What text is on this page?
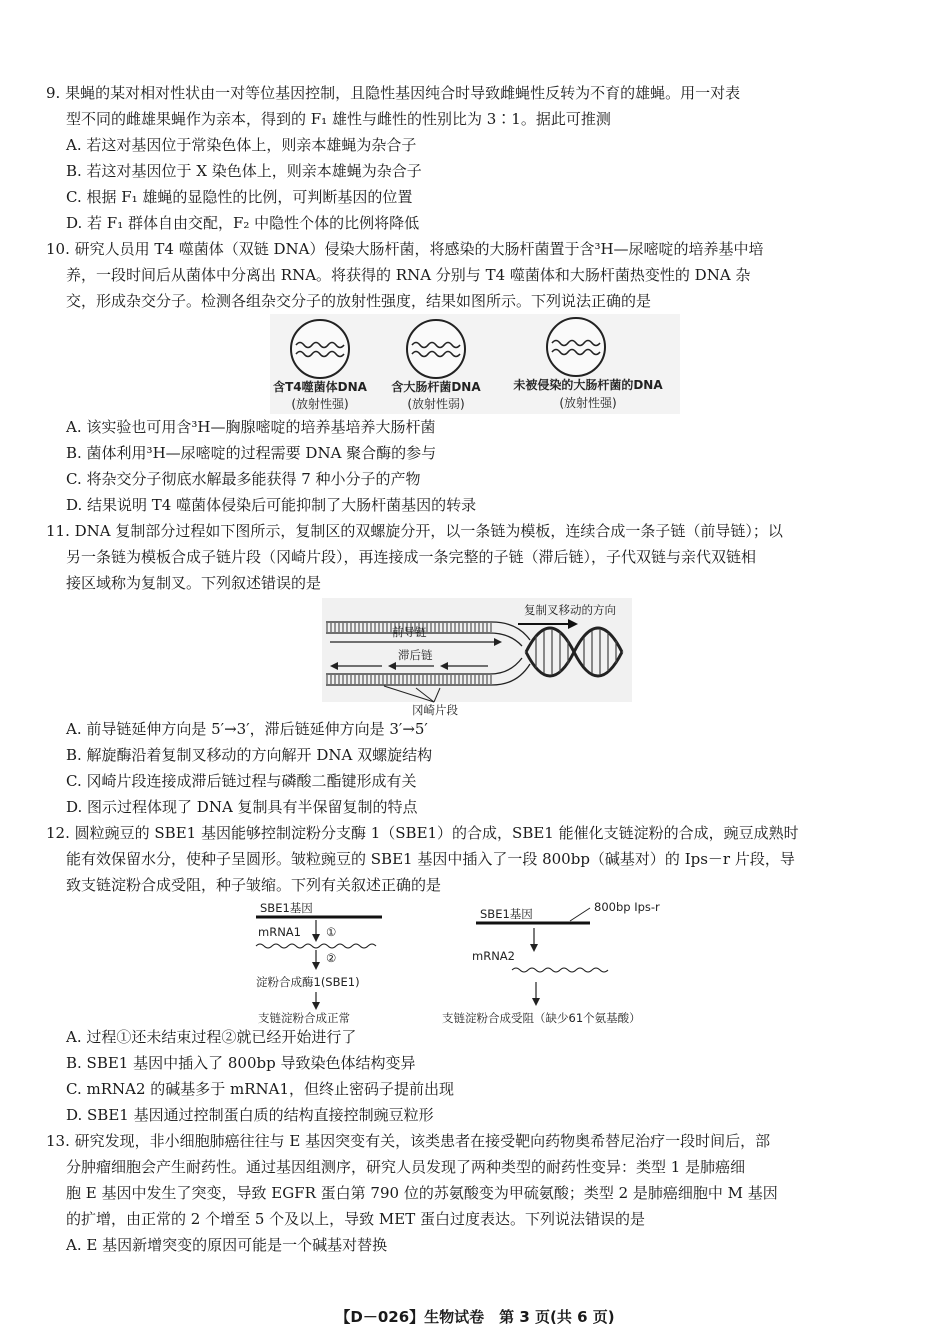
9. 果蝇的某对相对性状由一对等位基因控制，且隐性基因纯合时导致雌蝇性反转为不育的雄蝇。用一对表

型不同的雌雄果蝇作为亲本，得到的 F₁ 雄性与雌性的性别比为 3∶1。据此可推测

A. 若这对基因位于常染色体上，则亲本雄蝇为杂合子

B. 若这对基因位于 X 染色体上，则亲本雄蝇为杂合子

C. 根据 F₁ 雄蝇的显隐性的比例，可判断基因的位置

D. 若 F₁ 群体自由交配，F₂ 中隐性个体的比例将降低

10. 研究人员用 T4 噬菌体（双链 DNA）侵染大肠杆菌，将感染的大肠杆菌置于含³H—尿嘧啶的培养基中培

养，一段时间后从菌体中分离出 RNA。将获得的 RNA 分别与 T4 噬菌体和大肠杆菌热变性的 DNA 杂

交，形成杂交分子。检测各组杂交分子的放射性强度，结果如图所示。下列说法正确的是

含T4噬菌体DNA
(放射性强)
含大肠杆菌DNA
(放射性弱)
未被侵染的大肠杆菌的DNA
(放射性强)

A. 该实验也可用含³H—胸腺嘧啶的培养基培养大肠杆菌

B. 菌体利用³H—尿嘧啶的过程需要 DNA 聚合酶的参与

C. 将杂交分子彻底水解最多能获得 7 种小分子的产物

D. 结果说明 T4 噬菌体侵染后可能抑制了大肠杆菌基因的转录

11. DNA 复制部分过程如下图所示，复制区的双螺旋分开，以一条链为模板，连续合成一条子链（前导链）；以

另一条链为模板合成子链片段（冈崎片段），再连接成一条完整的子链（滞后链），子代双链与亲代双链相

接区域称为复制叉。下列叙述错误的是

复制叉移动的方向
前导链
滞后链
冈崎片段

A. 前导链延伸方向是 5′→3′，滞后链延伸方向是 3′→5′

B. 解旋酶沿着复制叉移动的方向解开 DNA 双螺旋结构

C. 冈崎片段连接成滞后链过程与磷酸二酯键形成有关

D. 图示过程体现了 DNA 复制具有半保留复制的特点

12. 圆粒豌豆的 SBE1 基因能够控制淀粉分支酶 1（SBE1）的合成，SBE1 能催化支链淀粉的合成，豌豆成熟时

能有效保留水分，使种子呈圆形。皱粒豌豆的 SBE1 基因中插入了一段 800bp（碱基对）的 Ips－r 片段，导

致支链淀粉合成受阻，种子皱缩。下列有关叙述正确的是

SBE1基因
mRNA1 ①
②
淀粉合成酶1(SBE1)
支链淀粉合成正常
SBE1基因	800bp Ips-r
mRNA2
支链淀粉合成受阻（缺少61个氨基酸）

A. 过程①还未结束过程②就已经开始进行了

B. SBE1 基因中插入了 800bp 导致染色体结构变异

C. mRNA2 的碱基多于 mRNA1，但终止密码子提前出现

D. SBE1 基因通过控制蛋白质的结构直接控制豌豆粒形

13. 研究发现，非小细胞肺癌往往与 E 基因突变有关，该类患者在接受靶向药物奥希替尼治疗一段时间后，部

分肿瘤细胞会产生耐药性。通过基因组测序，研究人员发现了两种类型的耐药性变异：类型 1 是肺癌细

胞 E 基因中发生了突变，导致 EGFR 蛋白第 790 位的苏氨酸变为甲硫氨酸；类型 2 是肺癌细胞中 M 基因

的扩增，由正常的 2 个增至 5 个及以上，导致 MET 蛋白过度表达。下列说法错误的是

A. E 基因新增突变的原因可能是一个碱基对替换

【D－026】生物试卷　第 3 页(共 6 页)
